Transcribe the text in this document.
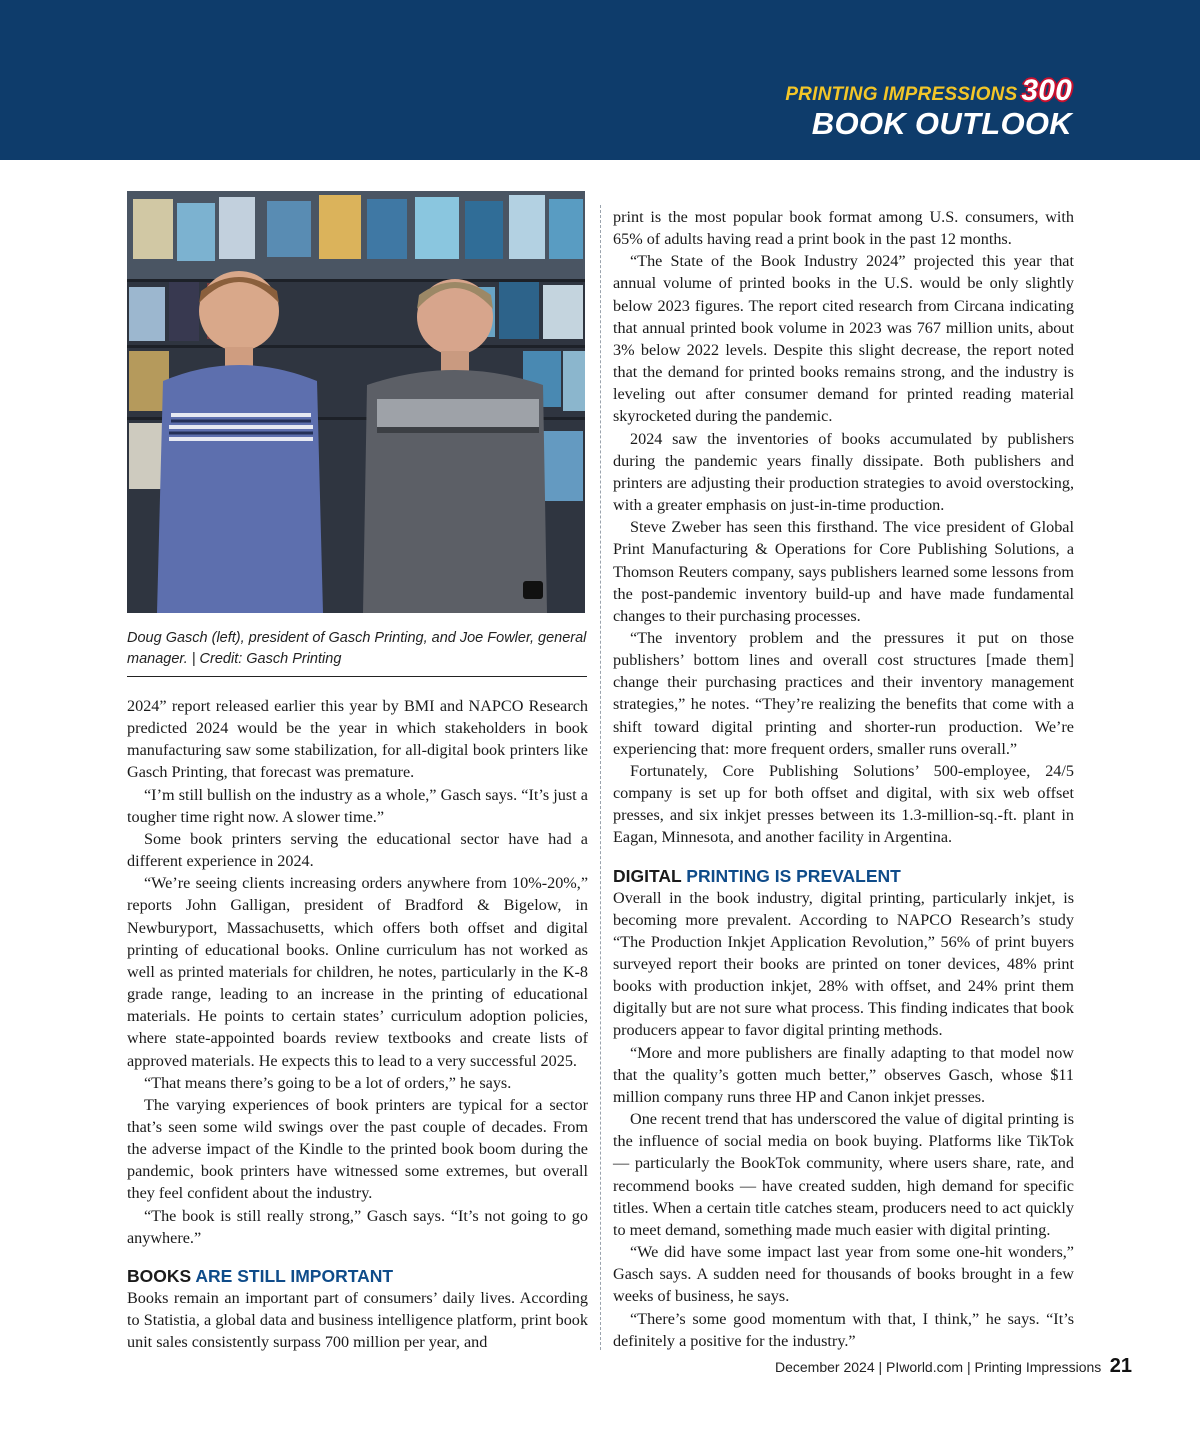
PRINTING IMPRESSIONS 300
BOOK OUTLOOK
Doug Gasch (left), president of Gasch Printing, and Joe Fowler, general manager. | Credit: Gasch Printing

2024” report released earlier this year by BMI and NAPCO Research predicted 2024 would be the year in which stakeholders in book manufacturing saw some stabilization, for all-digital book printers like Gasch Printing, that forecast was premature.

“I’m still bullish on the industry as a whole,” Gasch says. “It’s just a tougher time right now. A slower time.”

Some book printers serving the educational sector have had a different experience in 2024.

“We’re seeing clients increasing orders anywhere from 10%-20%,” reports John Galligan, president of Bradford & Bigelow, in Newburyport, Massachusetts, which offers both offset and digital printing of educational books. Online curriculum has not worked as well as printed materials for children, he notes, particularly in the K-8 grade range, leading to an increase in the printing of educational materials. He points to certain states’ curriculum adoption policies, where state-appointed boards review textbooks and create lists of approved materials. He expects this to lead to a very successful 2025.

“That means there’s going to be a lot of orders,” he says.

The varying experiences of book printers are typical for a sector that’s seen some wild swings over the past couple of decades. From the adverse impact of the Kindle to the printed book boom during the pandemic, book printers have witnessed some extremes, but overall they feel confident about the industry.

“The book is still really strong,” Gasch says. “It’s not going to go anywhere.”

BOOKS ARE STILL IMPORTANT

Books remain an important part of consumers’ daily lives. According to Statistia, a global data and business intelligence platform, print book unit sales consistently surpass 700 million per year, and

print is the most popular book format among U.S. consumers, with 65% of adults having read a print book in the past 12 months.

“The State of the Book Industry 2024” projected this year that annual volume of printed books in the U.S. would be only slightly below 2023 figures. The report cited research from Circana indicating that annual printed book volume in 2023 was 767 million units, about 3% below 2022 levels. Despite this slight decrease, the report noted that the demand for printed books remains strong, and the industry is leveling out after consumer demand for printed reading material skyrocketed during the pandemic.

2024 saw the inventories of books accumulated by publishers during the pandemic years finally dissipate. Both publishers and printers are adjusting their production strategies to avoid overstocking, with a greater emphasis on just-in-time production.

Steve Zweber has seen this firsthand. The vice president of Global Print Manufacturing & Operations for Core Publishing Solutions, a Thomson Reuters company, says publishers learned some lessons from the post-pandemic inventory build-up and have made fundamental changes to their purchasing processes.

“The inventory problem and the pressures it put on those publishers’ bottom lines and overall cost structures [made them] change their purchasing practices and their inventory management strategies,” he notes. “They’re realizing the benefits that come with a shift toward digital printing and shorter-run production. We’re experiencing that: more frequent orders, smaller runs overall.”

Fortunately, Core Publishing Solutions’ 500-employee, 24/5 company is set up for both offset and digital, with six web offset presses, and six inkjet presses between its 1.3-million-sq.-ft. plant in Eagan, Minnesota, and another facility in Argentina.

DIGITAL PRINTING IS PREVALENT

Overall in the book industry, digital printing, particularly inkjet, is becoming more prevalent. According to NAPCO Research’s study “The Production Inkjet Application Revolution,” 56% of print buyers surveyed report their books are printed on toner devices, 48% print books with production inkjet, 28% with offset, and 24% print them digitally but are not sure what process. This finding indicates that book producers appear to favor digital printing methods.

“More and more publishers are finally adapting to that model now that the quality’s gotten much better,” observes Gasch, whose $11 million company runs three HP and Canon inkjet presses.

One recent trend that has underscored the value of digital printing is the influence of social media on book buying. Platforms like TikTok — particularly the BookTok community, where users share, rate, and recommend books — have created sudden, high demand for specific titles. When a certain title catches steam, producers need to act quickly to meet demand, something made much easier with digital printing.

“We did have some impact last year from some one-hit wonders,” Gasch says. A sudden need for thousands of books brought in a few weeks of business, he says.

“There’s some good momentum with that, I think,” he says. “It’s definitely a positive for the industry.”

December 2024 | PIworld.com | Printing Impressions 21
